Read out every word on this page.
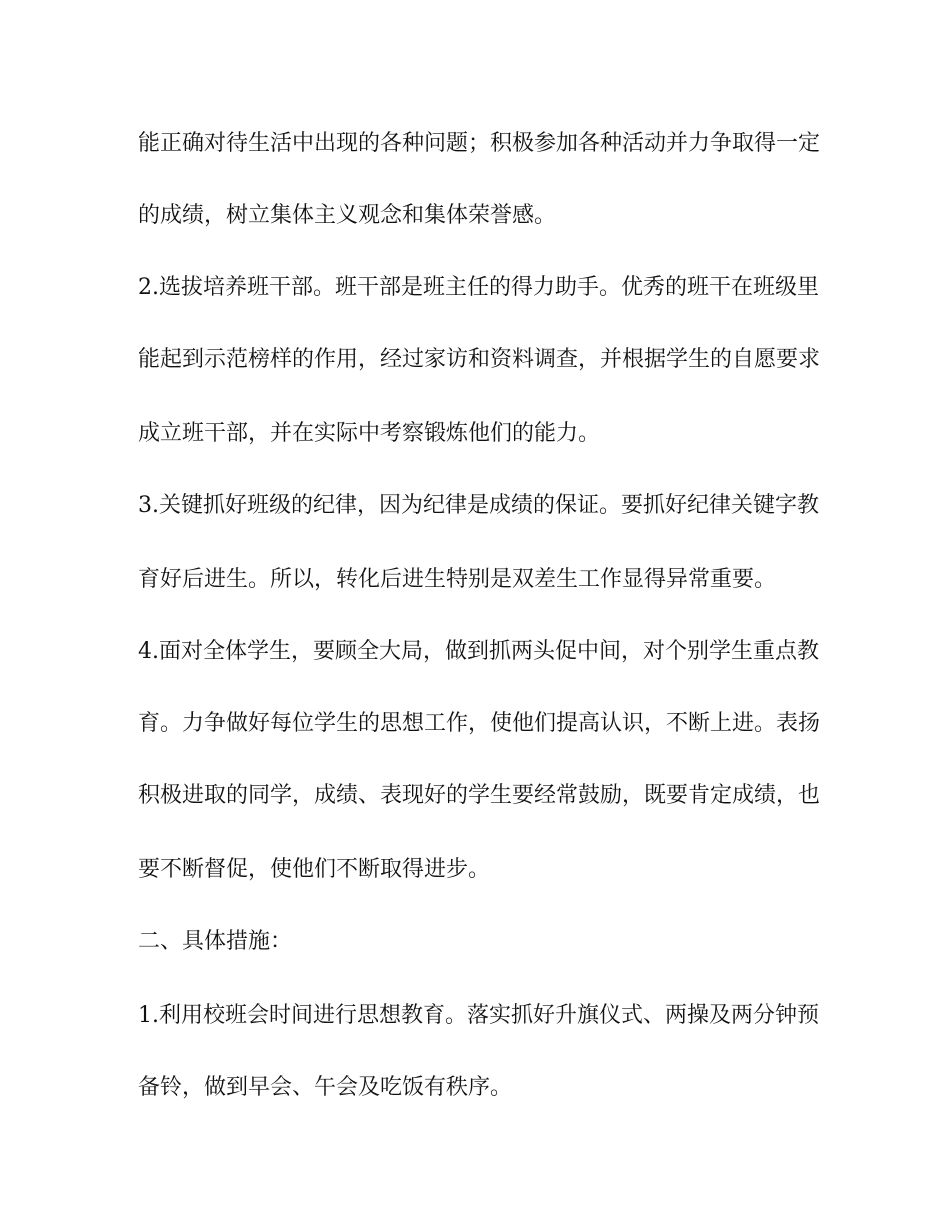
能正确对待生活中出现的各种问题；积极参加各种活动并力争取得一定
的成绩，树立集体主义观念和集体荣誉感。
2.选拔培养班干部。班干部是班主任的得力助手。优秀的班干在班级里
能起到示范榜样的作用，经过家访和资料调查，并根据学生的自愿要求
成立班干部，并在实际中考察锻炼他们的能力。
3.关键抓好班级的纪律，因为纪律是成绩的保证。要抓好纪律关键字教
育好后进生。所以，转化后进生特别是双差生工作显得异常重要。
4.面对全体学生，要顾全大局，做到抓两头促中间，对个别学生重点教
育。力争做好每位学生的思想工作，使他们提高认识，不断上进。表扬
积极进取的同学，成绩、表现好的学生要经常鼓励，既要肯定成绩，也
要不断督促，使他们不断取得进步。
二、具体措施：
1.利用校班会时间进行思想教育。落实抓好升旗仪式、两操及两分钟预
备铃，做到早会、午会及吃饭有秩序。
